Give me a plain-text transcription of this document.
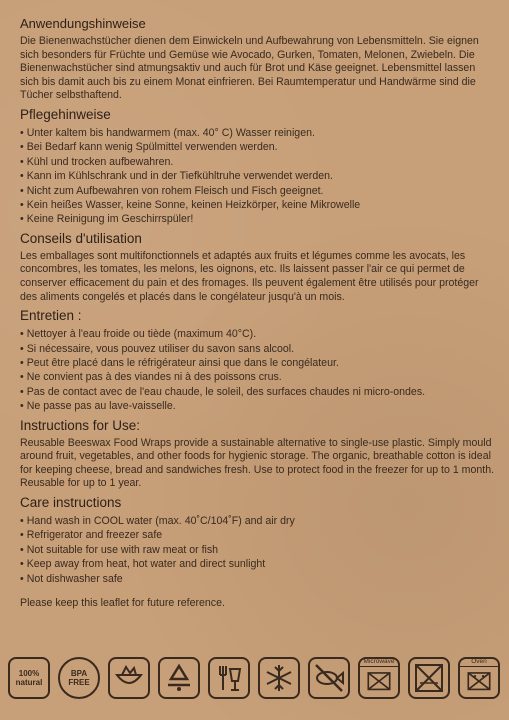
Anwendungshinweise
Die Bienenwachstücher dienen dem Einwickeln und Aufbewahrung von Lebensmitteln. Sie eignen sich besonders für Früchte und Gemüse wie Avocado, Gurken, Tomaten, Melonen, Zwiebeln. Die Bienenwachstücher sind atmungsaktiv und auch für Brot und Käse geeignet. Lebensmittel lassen sich bis damit auch bis zu einem Monat einfrieren. Bei Raumtemperatur und Handwärme sind die Tücher selbsthaftend.
Pflegehinweise
• Unter kaltem bis handwarmem (max. 40° C) Wasser reinigen.
• Bei Bedarf kann wenig Spülmittel verwenden werden.
• Kühl und trocken aufbewahren.
• Kann im Kühlschrank und in der Tiefkühltruhe verwendet werden.
• Nicht zum Aufbewahren von rohem Fleisch und Fisch geeignet.
• Kein heißes Wasser, keine Sonne, keinen Heizkörper, keine Mikrowelle
• Keine Reinigung im Geschirrspüler!
Conseils d'utilisation
Les emballages sont multifonctionnels et adaptés aux fruits et légumes comme les avocats, les concombres, les tomates, les melons, les oignons, etc. Ils laissent passer l'air ce qui permet de conserver efficacement du pain et des fromages. Ils peuvent également être utilisés pour protéger des aliments congelés et placés dans le congélateur jusqu'à un mois.
Entretien :
• Nettoyer à l'eau froide ou tiède (maximum 40°C).
• Si nécessaire, vous pouvez utiliser du savon sans alcool.
• Peut être placé dans le réfrigérateur ainsi que dans le congélateur.
• Ne convient pas à des viandes ni à des poissons crus.
• Pas de contact avec de l'eau chaude, le soleil, des surfaces chaudes ni micro-ondes.
• Ne passe pas au lave-vaisselle.
Instructions for Use:
Reusable Beeswax Food Wraps provide a sustainable alternative to single-use plastic. Simply mould around fruit, vegetables, and other foods for hygienic storage. The organic, breathable cotton is ideal for keeping cheese, bread and sandwiches fresh. Use to protect food in the freezer for up to 1 month. Reusable for up to 1 year.
Care instructions
• Hand wash in COOL water (max. 40˚C/104˚F) and air dry
• Refrigerator and freezer safe
• Not suitable for use with raw meat or fish
• Keep away from heat, hot water and direct sunlight
• Not dishwasher safe
Please keep this leaflet for future reference.
100% natural
BPA FREE
Microwave	Oven
